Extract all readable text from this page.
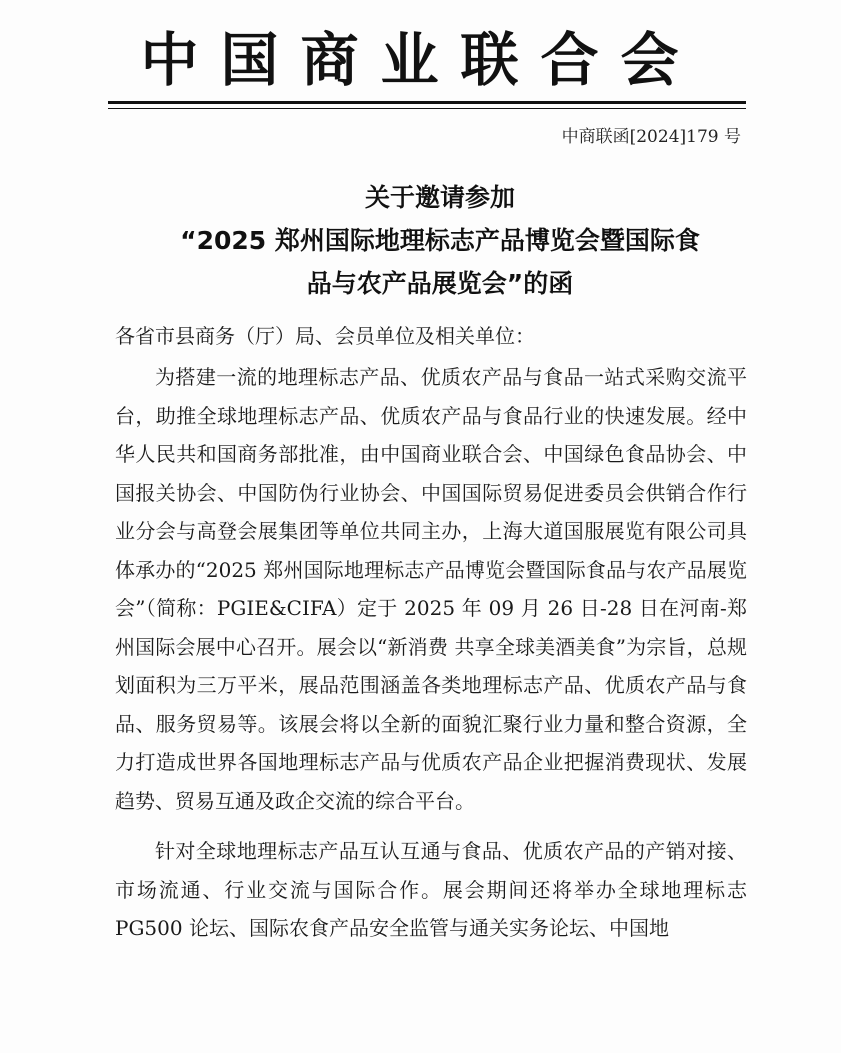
中国商业联合会
中商联函[2024]179 号
关于邀请参加
“2025 郑州国际地理标志产品博览会暨国际食
品与农产品展览会”的函
各省市县商务（厅）局、会员单位及相关单位：

为搭建一流的地理标志产品、优质农产品与食品一站式采购交流平台，助推全球地理标志产品、优质农产品与食品行业的快速发展。经中华人民共和国商务部批准，由中国商业联合会、中国绿色食品协会、中国报关协会、中国防伪行业协会、中国国际贸易促进委员会供销合作行业分会与高登会展集团等单位共同主办，上海大道国服展览有限公司具体承办的“2025 郑州国际地理标志产品博览会暨国际食品与农产品展览会”（简称：PGIE&CIFA）定于 2025 年 09 月 26 日-28 日在河南-郑州国际会展中心召开。展会以“新消费 共享全球美酒美食”为宗旨，总规划面积为三万平米，展品范围涵盖各类地理标志产品、优质农产品与食品、服务贸易等。该展会将以全新的面貌汇聚行业力量和整合资源，全力打造成世界各国地理标志产品与优质农产品企业把握消费现状、发展趋势、贸易互通及政企交流的综合平台。

针对全球地理标志产品互认互通与食品、优质农产品的产销对接、市场流通、行业交流与国际合作。展会期间还将举办全球地理标志 PG500 论坛、国际农食产品安全监管与通关实务论坛、中国地
